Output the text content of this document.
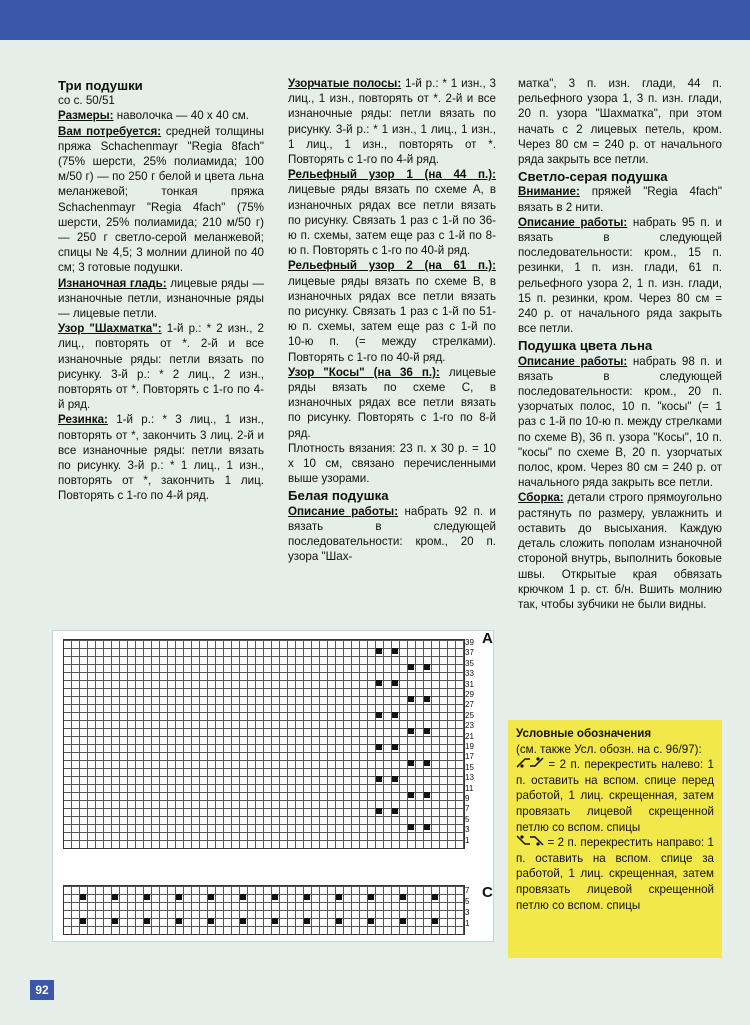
Три подушки

со с. 50/51

Размеры: наволочка — 40 х 40 см.

Вам потребуется: средней толщины пряжа Schachenmayr "Regia 8fach" (75% шерсти, 25% полиамида; 100 м/50 г) — по 250 г белой и цвета льна меланжевой; тонкая пряжа Schachenmayr "Regia 4fach" (75% шерсти, 25% полиамида; 210 м/50 г) — 250 г светло-серой меланжевой; спицы № 4,5; 3 молнии длиной по 40 см; 3 готовые подушки.

Изнаночная гладь: лицевые ряды — изнаночные петли, изнаночные ряды — лицевые петли.

Узор "Шахматка": 1-й р.: * 2 изн., 2 лиц., повторять от *. 2-й и все изнаночные ряды: петли вязать по рисунку. 3-й р.: * 2 лиц., 2 изн., повторять от *. Повторять с 1-го по 4-й ряд.

Резинка: 1-й р.: * 3 лиц., 1 изн., повторять от *, закончить 3 лиц. 2-й и все изнаночные ряды: петли вязать по рисунку. 3-й р.: * 1 лиц., 1 изн., повторять от *, закончить 1 лиц. Повторять с 1-го по 4-й ряд.

Узорчатые полосы: 1-й р.: * 1 изн., 3 лиц., 1 изн., повторять от *. 2-й и все изнаночные ряды: петли вязать по рисунку. 3-й р.: * 1 изн., 1 лиц., 1 изн., 1 лиц., 1 изн., повторять от *. Повторять с 1-го по 4-й ряд.

Рельефный узор 1 (на 44 п.): лицевые ряды вязать по схеме А, в изнаночных рядах все петли вязать по рисунку. Связать 1 раз с 1-й по 36-ю п. схемы, затем еще раз с 1-й по 8-ю п. Повторять с 1-го по 40-й ряд.

Рельефный узор 2 (на 61 п.): лицевые ряды вязать по схеме В, в изнаночных рядах все петли вязать по рисунку. Связать 1 раз с 1-й по 51-ю п. схемы, затем еще раз с 1-й по 10-ю п. (= между стрелками). Повторять с 1-го по 40-й ряд.

Узор "Косы" (на 36 п.): лицевые ряды вязать по схеме С, в изнаночных рядах все петли вязать по рисунку. Повторять с 1-го по 8-й ряд.

Плотность вязания: 23 п. х 30 р. = 10 х 10 см, связано перечисленными выше узорами.

Белая подушка

Описание работы: набрать 92 п. и вязать в следующей последовательности: кром., 20 п. узора "Шах-

матка", 3 п. изн. глади, 44 п. рельефного узора 1, 3 п. изн. глади, 20 п. узора "Шахматка", при этом начать с 2 лицевых петель, кром. Через 80 см = 240 р. от начального ряда закрыть все петли.

Светло-серая подушка

Внимание: пряжей "Regia 4fach" вязать в 2 нити.

Описание работы: набрать 95 п. и вязать в следующей последовательности: кром., 15 п. резинки, 1 п. изн. глади, 61 п. рельефного узора 2, 1 п. изн. глади, 15 п. резинки, кром. Через 80 см = 240 р. от начального ряда закрыть все петли.

Подушка цвета льна

Описание работы: набрать 98 п. и вязать в следующей последовательности: кром., 20 п. узорчатых полос, 10 п. "косы" (= 1 раз с 1-й по 10-ю п. между стрелками по схеме В), 36 п. узора "Косы", 10 п. "косы" по схеме В, 20 п. узорчатых полос, кром. Через 80 см = 240 р. от начального ряда закрыть все петли.

Сборка: детали строго прямоугольно растянуть по размеру, увлажнить и оставить до высыхания. Каждую деталь сложить пополам изнаночной стороной внутрь, выполнить боковые швы. Открытые края обвязать крючком 1 р. ст. б/н. Вшить молнию так, чтобы зубчики не были видны.

39
37
35
33
31
29
27
25
23
21
19
17
15
13
11
9
7
5
3
1
7
5
3
1
A
C

Условные обозначения

(см. также Усл. обозн. на с. 96/97):

= 2 п. перекрестить налево: 1 п. оставить на вспом. спице перед работой, 1 лиц. скрещенная, затем провязать лицевой скрещенной петлю со вспом. спицы

= 2 п. перекрестить направо: 1 п. оставить на вспом. спице за работой, 1 лиц. скрещенная, затем провязать лицевой скрещенной петлю со вспом. спицы

92
